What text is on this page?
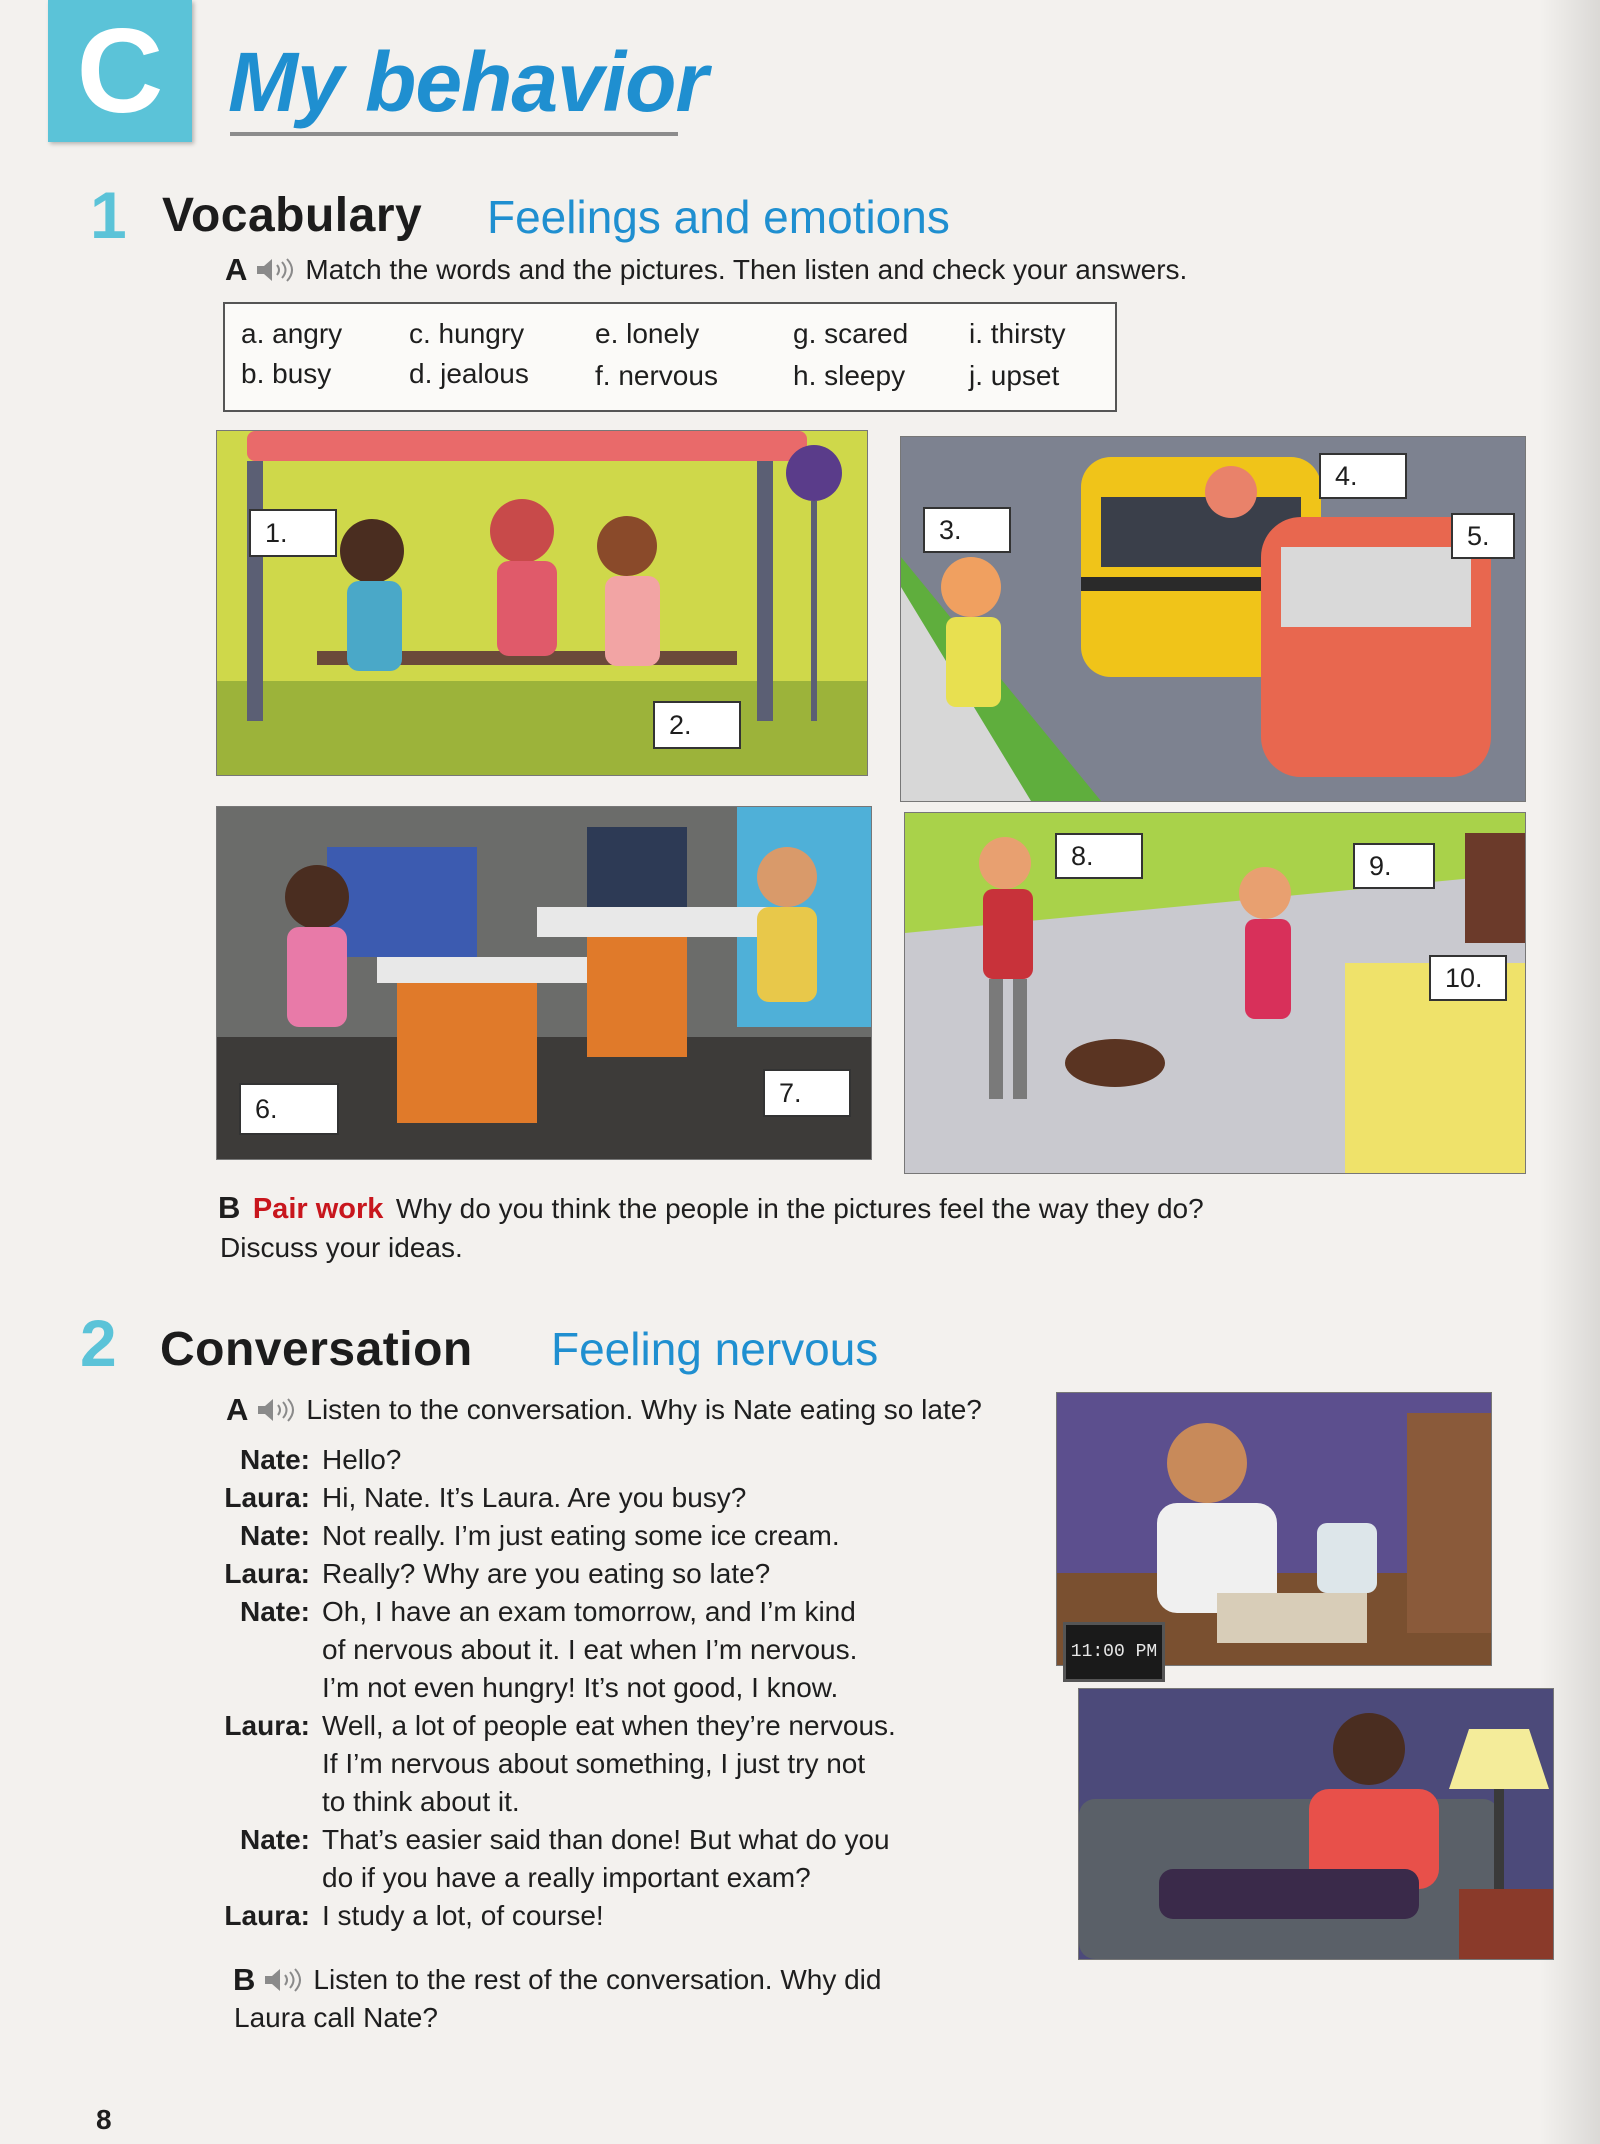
C My behavior
1 Vocabulary Feelings and emotions
A Match the words and the pictures. Then listen and check your answers.
a. angry
b. busy
c. hungry
d. jealous
e. lonely
f. nervous
g. scared
h. sleepy
i. thirsty
j. upset
1.
2.
3.
4.
5.
6.
7.
8.	9.
10.
B Pair work Why do you think the people in the pictures feel the way they do?
Discuss your ideas.
2 Conversation Feeling nervous
A Listen to the conversation. Why is Nate eating so late?
Nate: Hello?
Laura: Hi, Nate. It’s Laura. Are you busy?
Nate: Not really. I’m just eating some ice cream.
Laura: Really? Why are you eating so late?
Nate: Oh, I have an exam tomorrow, and I’m kind
of nervous about it. I eat when I’m nervous.
I’m not even hungry! It’s not good, I know.
Laura: Well, a lot of people eat when they’re nervous.
If I’m nervous about something, I just try not
to think about it.
Nate: That’s easier said than done! But what do you
do if you have a really important exam?
Laura: I study a lot, of course!
11:00 PM
B Listen to the rest of the conversation. Why did
Laura call Nate?
8
